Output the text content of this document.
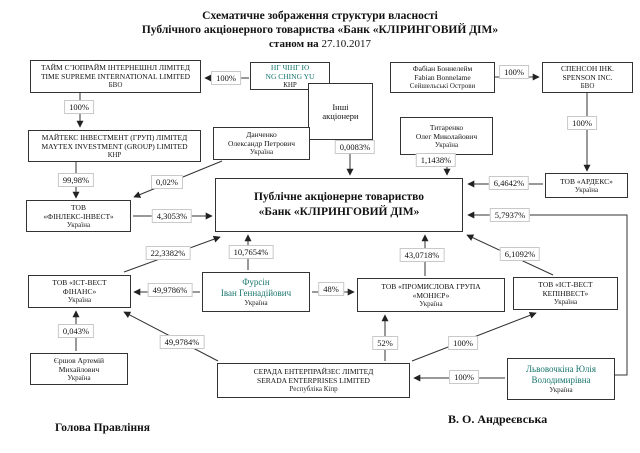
Схематичне зображення структури власності
Публічного акціонерного товариства «Банк «КЛІРИНГОВИЙ ДІМ»
станом на 27.10.2017
ТАЙМ С’ЮПРАЙМ ІНТЕРНЕШНЛ ЛІМІТЕД
TIME SUPREME INTERNATIONAL LIMITED
БВО
НГ ЧІНГ Ю
NG CHING YU
КНР
Інші
акціонери
Фабіан Боннелейм
Fabian Bonnelame
Сейшельські Острови
СПЕНСОН ІНК.
SPENSON INC.
БВО
МАЙТЕКС ІНВЕСТМЕНТ (ГРУП) ЛІМІТЕД
MAYTEX INVESTMENT (GROUP) LIMITED
КНР
Данченко
Олександр Петрович
Україна
Титаренко
Олег Миколайович
Україна
Публічне акціонерне товариство
«Банк «КЛІРИНГОВИЙ ДІМ»
ТОВ «АРДЕКС»
Україна
ТОВ
«ФІНЛЕКС-ІНВЕСТ»
Україна
ТОВ «ІСТ-ВЕСТ
ФІНАНС»
Україна
Фурсін
Іван Геннадійович
Україна
ТОВ «ПРОМИСЛОВА ГРУПА
«МОНІЄР»
Україна
ТОВ «ІСТ-ВЕСТ
КЕПІНВЕСТ»
Україна
Єршов Артемій
Михайлович
Україна
СЕРАДА ЕНТЕРПРАЙЗЕС ЛІМІТЕД
SERADA ENTERPRISES LIMITED
Республіка Кіпр
Львовочкіна Юлія
Володимирівна
Україна
100%
100%
100%
100%
0,0083%
1,1438%
99,98%	0,02%
4,3053%
6,4642%
5,7937%
10,7654%
22,3382%
49,9786%	48%
43,0718%	6,1092%
0,043%
49,9784%	52%	100%
100%
Голова Правління
В. О. Андреєвська
